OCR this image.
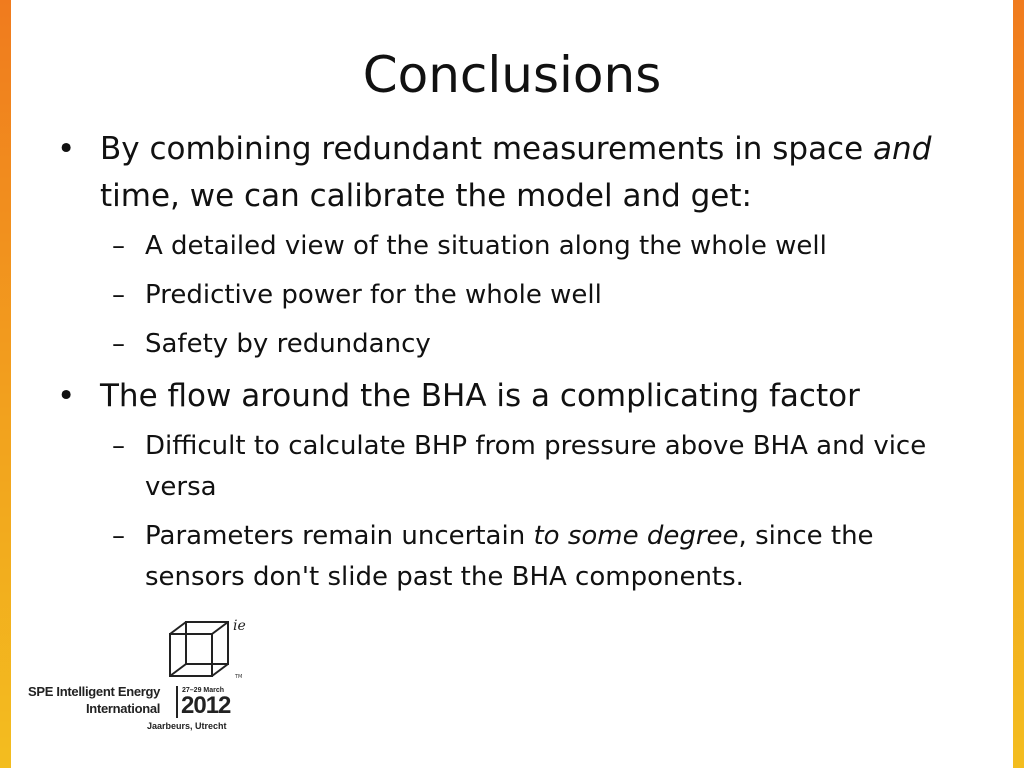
Conclusions
• By combining redundant measurements in space and time, we can calibrate the model and get:
– A detailed view of the situation along the whole well
– Predictive power for the whole well
– Safety by redundancy
• The flow around the BHA is a complicating factor
– Difficult to calculate BHP from pressure above BHA and vice versa
– Parameters remain uncertain to some degree, since the sensors don't slide past the BHA components.
ie
TM
SPE Intelligent Energy
International
27–29 March
2012
Jaarbeurs, Utrecht
